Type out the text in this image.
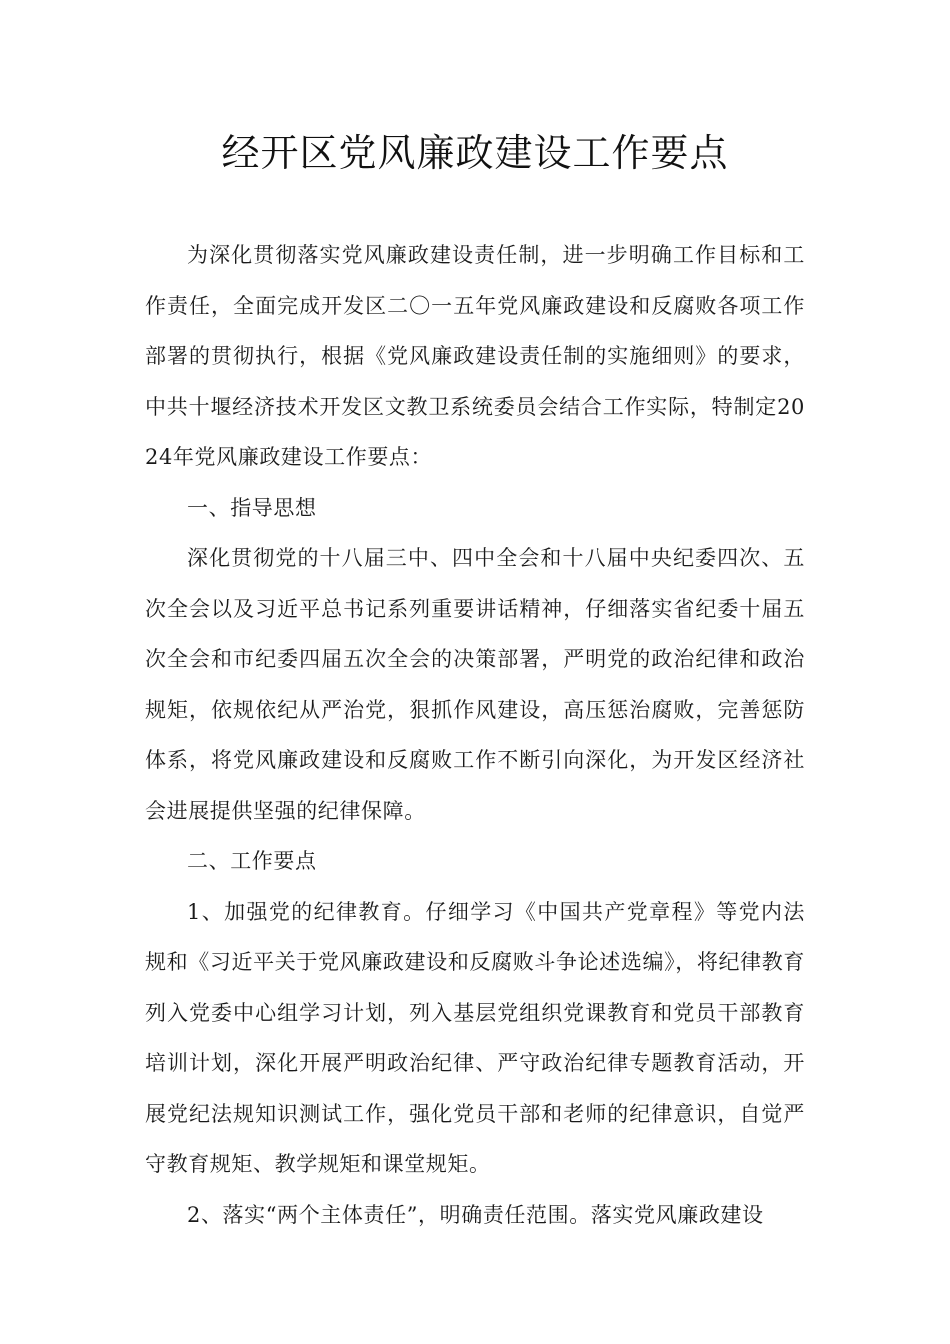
经开区党风廉政建设工作要点

为深化贯彻落实党风廉政建设责任制，进一步明确工作目标和工作责任，全面完成开发区二〇一五年党风廉政建设和反腐败各项工作部署的贯彻执行，根据《党风廉政建设责任制的实施细则》的要求，中共十堰经济技术开发区文教卫系统委员会结合工作实际，特制定2024年党风廉政建设工作要点：

一、指导思想

深化贯彻党的十八届三中、四中全会和十八届中央纪委四次、五次全会以及习近平总书记系列重要讲话精神，仔细落实省纪委十届五次全会和市纪委四届五次全会的决策部署，严明党的政治纪律和政治规矩，依规依纪从严治党，狠抓作风建设，高压惩治腐败，完善惩防体系，将党风廉政建设和反腐败工作不断引向深化，为开发区经济社会进展提供坚强的纪律保障。

二、工作要点

1、加强党的纪律教育。仔细学习《中国共产党章程》等党内法规和《习近平关于党风廉政建设和反腐败斗争论述选编》，将纪律教育列入党委中心组学习计划，列入基层党组织党课教育和党员干部教育培训计划，深化开展严明政治纪律、严守政治纪律专题教育活动，开展党纪法规知识测试工作，强化党员干部和老师的纪律意识，自觉严守教育规矩、教学规矩和课堂规矩。

2、落实“两个主体责任”，明确责任范围。落实党风廉政建设
